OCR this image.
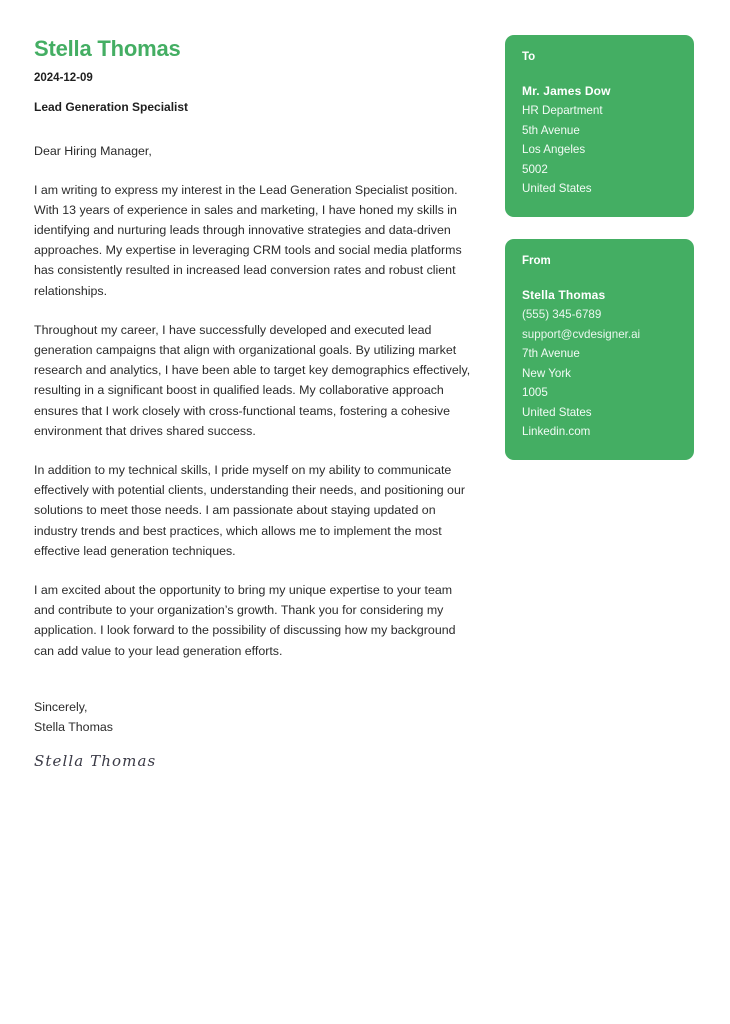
Stella Thomas
2024-12-09
Lead Generation Specialist

Dear Hiring Manager,

I am writing to express my interest in the Lead Generation Specialist position. With 13 years of experience in sales and marketing, I have honed my skills in identifying and nurturing leads through innovative strategies and data-driven approaches. My expertise in leveraging CRM tools and social media platforms has consistently resulted in increased lead conversion rates and robust client relationships.

Throughout my career, I have successfully developed and executed lead generation campaigns that align with organizational goals. By utilizing market research and analytics, I have been able to target key demographics effectively, resulting in a significant boost in qualified leads. My collaborative approach ensures that I work closely with cross-functional teams, fostering a cohesive environment that drives shared success.

In addition to my technical skills, I pride myself on my ability to communicate effectively with potential clients, understanding their needs, and positioning our solutions to meet those needs. I am passionate about staying updated on industry trends and best practices, which allows me to implement the most effective lead generation techniques.

I am excited about the opportunity to bring my unique expertise to your team and contribute to your organization’s growth. Thank you for considering my application. I look forward to the possibility of discussing how my background can add value to your lead generation efforts.

Sincerely,
Stella Thomas
Stella Thomas
To
Mr. James Dow
HR Department
5th Avenue
Los Angeles
5002
United States
From
Stella Thomas
(555) 345-6789
support@cvdesigner.ai
7th Avenue
New York
1005
United States
Linkedin.com
